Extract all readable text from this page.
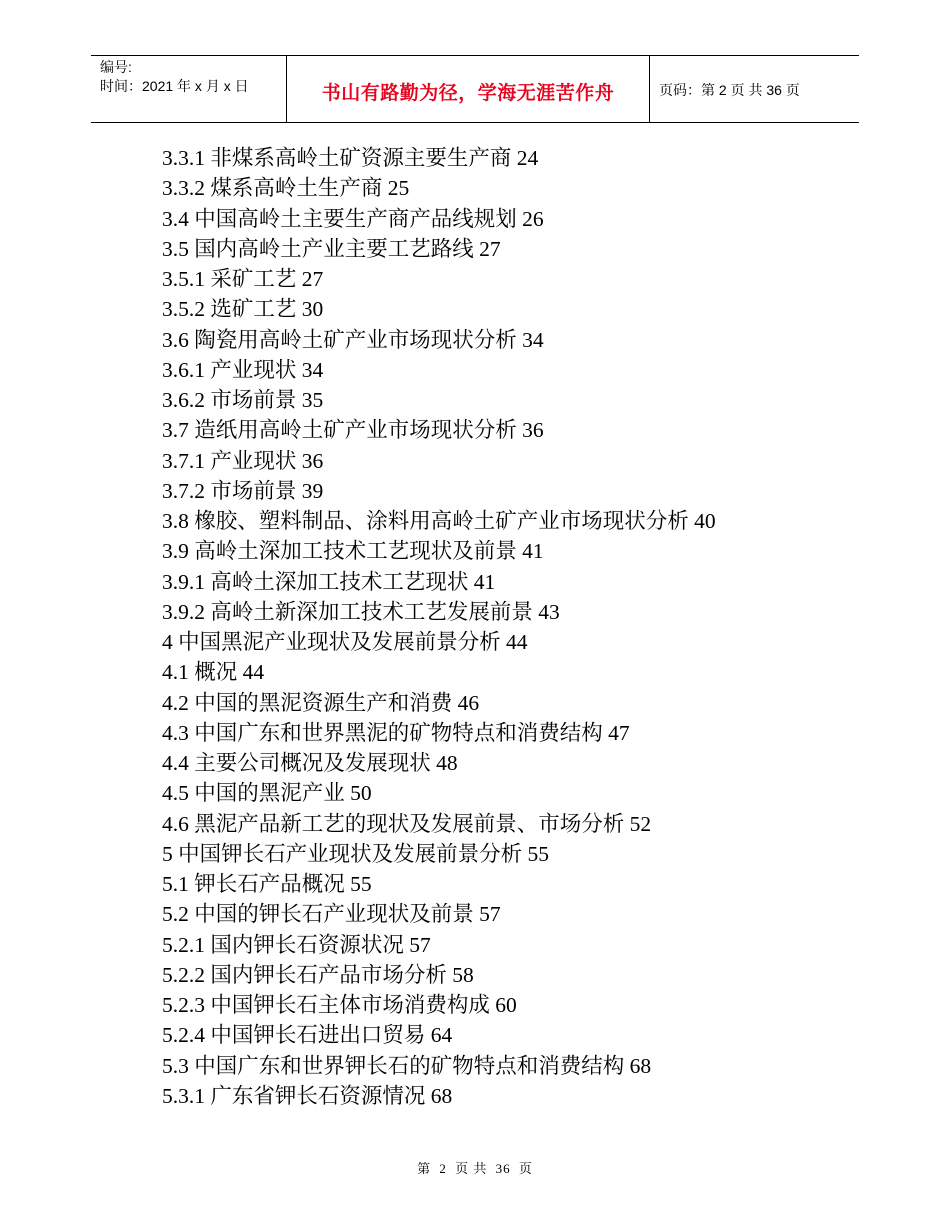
编号:
时间：2021 年 x 月 x 日	书山有路勤为径，学海无涯苦作舟	页码：第 2 页 共 36 页
3.3.1 非煤系高岭土矿资源主要生产商 24
3.3.2 煤系高岭土生产商 25
3.4 中国高岭土主要生产商产品线规划 26
3.5 国内高岭土产业主要工艺路线 27
3.5.1 采矿工艺 27
3.5.2 选矿工艺 30
3.6 陶瓷用高岭土矿产业市场现状分析 34
3.6.1 产业现状 34
3.6.2 市场前景 35
3.7 造纸用高岭土矿产业市场现状分析 36
3.7.1 产业现状 36
3.7.2 市场前景 39
3.8 橡胶、塑料制品、涂料用高岭土矿产业市场现状分析 40
3.9 高岭土深加工技术工艺现状及前景 41
3.9.1 高岭土深加工技术工艺现状 41
3.9.2 高岭土新深加工技术工艺发展前景 43
4 中国黑泥产业现状及发展前景分析 44
4.1 概况 44
4.2 中国的黑泥资源生产和消费 46
4.3 中国广东和世界黑泥的矿物特点和消费结构 47
4.4 主要公司概况及发展现状 48
4.5 中国的黑泥产业 50
4.6 黑泥产品新工艺的现状及发展前景、市场分析 52
5 中国钾长石产业现状及发展前景分析 55
5.1 钾长石产品概况 55
5.2 中国的钾长石产业现状及前景 57
5.2.1 国内钾长石资源状况 57
5.2.2 国内钾长石产品市场分析 58
5.2.3 中国钾长石主体市场消费构成 60
5.2.4 中国钾长石进出口贸易 64
5.3 中国广东和世界钾长石的矿物特点和消费结构 68
5.3.1 广东省钾长石资源情况 68
第 2 页 共 36 页
